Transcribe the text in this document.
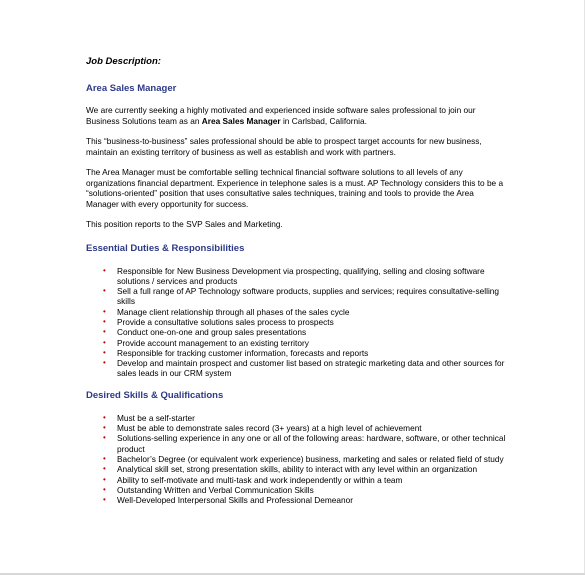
Job Description:
Area Sales Manager

We are currently seeking a highly motivated and experienced inside software sales professional to join our Business Solutions team as an Area Sales Manager in Carlsbad, California.

This “business-to-business” sales professional should be able to prospect target accounts for new business, maintain an existing territory of business as well as establish and work with partners.

The Area Manager must be comfortable selling technical financial software solutions to all levels of any organizations financial department. Experience in telephone sales is a must. AP Technology considers this to be a “solutions-oriented” position that uses consultative sales techniques, training and tools to provide the Area Manager with every opportunity for success.

This position reports to the SVP Sales and Marketing.

Essential Duties & Responsibilities
• Responsible for New Business Development via prospecting, qualifying, selling and closing software solutions / services and products
• Sell a full range of AP Technology software products, supplies and services; requires consultative-selling skills
• Manage client relationship through all phases of the sales cycle
• Provide a consultative solutions sales process to prospects
• Conduct one-on-one and group sales presentations
• Provide account management to an existing territory
• Responsible for tracking customer information, forecasts and reports
• Develop and maintain prospect and customer list based on strategic marketing data and other sources for sales leads in our CRM system
Desired Skills & Qualifications
• Must be a self-starter
• Must be able to demonstrate sales record (3+ years) at a high level of achievement
• Solutions-selling experience in any one or all of the following areas: hardware, software, or other technical product
• Bachelor’s Degree (or equivalent work experience) business, marketing and sales or related field of study
• Analytical skill set, strong presentation skills, ability to interact with any level within an organization
• Ability to self-motivate and multi-task and work independently or within a team
• Outstanding Written and Verbal Communication Skills
• Well-Developed Interpersonal Skills and Professional Demeanor
